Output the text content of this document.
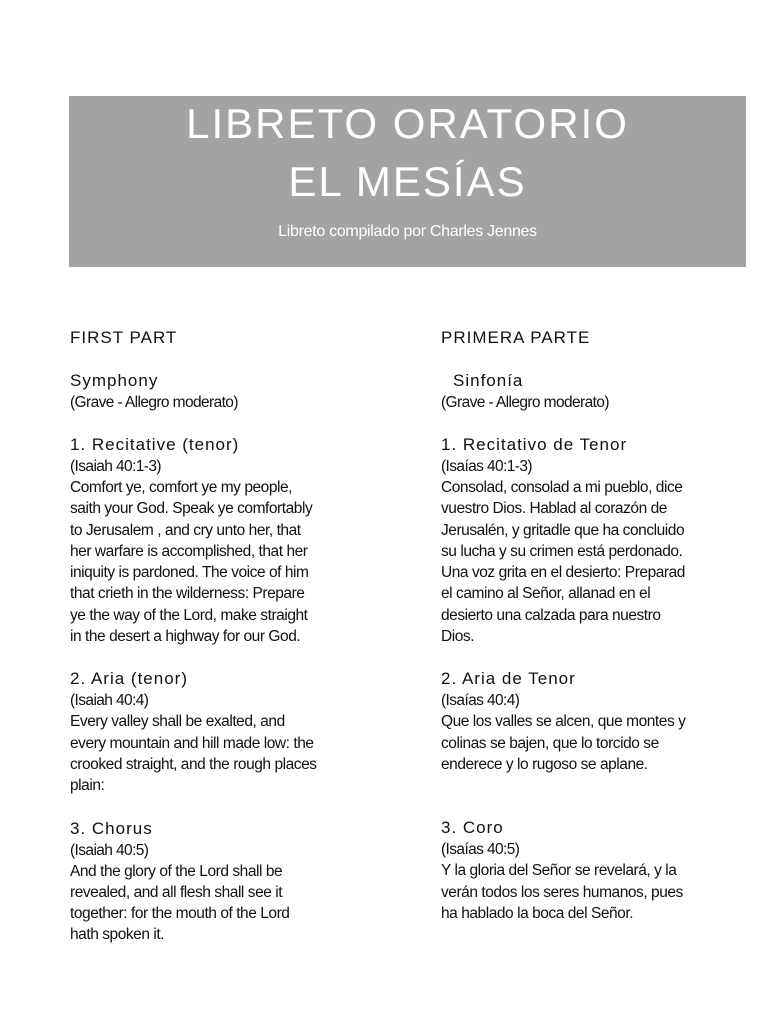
LIBRETO ORATORIO
EL MESÍAS
Libreto compilado por Charles Jennes
FIRST PART
Symphony
(Grave - Allegro moderato)
1. Recitative (tenor)
(Isaiah 40:1-3)
Comfort ye, comfort ye my people,
saith your God. Speak ye comfortably
to Jerusalem , and cry unto her, that
her warfare is accomplished, that her
iniquity is pardoned. The voice of him
that crieth in the wilderness: Prepare
ye the way of the Lord, make straight
in the desert a highway for our God.
2. Aria (tenor)
(Isaiah 40:4)
Every valley shall be exalted, and
every mountain and hill made low: the
crooked straight, and the rough places
plain:
3. Chorus
(Isaiah 40:5)
And the glory of the Lord shall be
revealed, and all flesh shall see it
together: for the mouth of the Lord
hath spoken it.
PRIMERA PARTE
Sinfonía
(Grave - Allegro moderato)
1. Recitativo de Tenor
(Isaías 40:1-3)
Consolad, consolad a mi pueblo, dice
vuestro Dios. Hablad al corazón de
Jerusalén, y gritadle que ha concluido
su lucha y su crimen está perdonado.
Una voz grita en el desierto: Preparad
el camino al Señor, allanad en el
desierto una calzada para nuestro
Dios.
2. Aria de Tenor
(Isaías 40:4)
Que los valles se alcen, que montes y
colinas se bajen, que lo torcido se
enderece y lo rugoso se aplane.
3. Coro
(Isaías 40:5)
Y la gloria del Señor se revelará, y la
verán todos los seres humanos, pues
ha hablado la boca del Señor.
